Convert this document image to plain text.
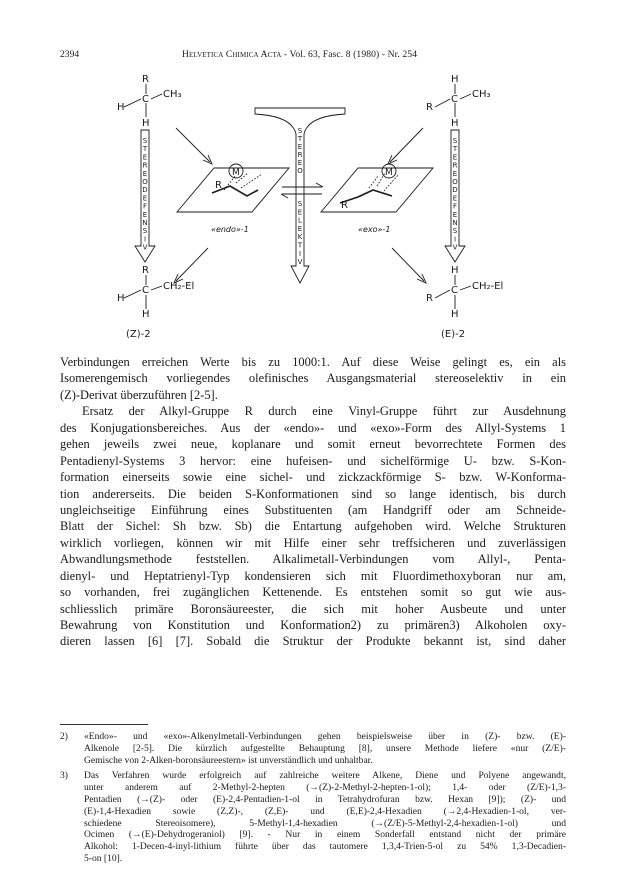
2394	Helvetica Chimica Acta - Vol. 63, Fasc. 8 (1980) - Nr. 254
R
H
C CH₃
H
H
R
C CH₃
H
R
H
C CH₂-El
H
H
R
C CH₂-El
H
S T E R E O D E F E N S I V
S T E R E O D E F E N S I V
S T E R E O
S E L E K T I V
M	M
R
R
«endo»-1	«exo»-1
(Z)-2	(E)-2

Verbindungen erreichen Werte bis zu 1000:1. Auf diese Weise gelingt es, ein als
Isomerengemisch vorliegendes olefinisches Ausgangsmaterial stereoselektiv in ein
(Z)-Derivat überzuführen [2-5].

Ersatz der Alkyl-Gruppe R durch eine Vinyl-Gruppe führt zur Ausdehnung
des Konjugationsbereiches. Aus der «endo»- und «exo»-Form des Allyl-Systems 1
gehen jeweils zwei neue, koplanare und somit erneut bevorrechtete Formen des
Pentadienyl-Systems 3 hervor: eine hufeisen- und sichelförmige U- bzw. S-Kon-
formation einerseits sowie eine sichel- und zickzackförmige S- bzw. W-Konforma-
tion andererseits. Die beiden S-Konformationen sind so lange identisch, bis durch
ungleichseitige Einführung eines Substituenten (am Handgriff oder am Schneide-
Blatt der Sichel: Sh bzw. Sb) die Entartung aufgehoben wird. Welche Strukturen
wirklich vorliegen, können wir mit Hilfe einer sehr treffsicheren und zuverlässigen
Abwandlungsmethode feststellen. Alkalimetall-Verbindungen vom Allyl-, Penta-
dienyl- und Heptatrienyl-Typ kondensieren sich mit Fluordimethoxyboran nur am,
so vorhanden, frei zugänglichen Kettenende. Es entstehen somit so gut wie aus-
schliesslich primäre Boronsäureester, die sich mit hoher Ausbeute und unter
Bewahrung von Konstitution und Konformation2) zu primären3) Alkoholen oxy-
dieren lassen [6] [7]. Sobald die Struktur der Produkte bekannt ist, sind daher

2) «Endo»- und «exo»-Alkenylmetall-Verbindungen gehen beispielsweise über in (Z)- bzw. (E)-
Alkenole [2-5]. Die kürzlich aufgestellte Behauptung [8], unsere Methode liefere «nur (Z/E)-
Gemische von 2-Alken-boronsäureestern» ist unverständlich und unhaltbar.
3) Das Verfahren wurde erfolgreich auf zahlreiche weitere Alkene, Diene und Polyene angewandt,
unter anderem auf 2-Methyl-2-hepten (→(Z)-2-Methyl-2-hepten-1-ol); 1,4- oder (Z/E)-1,3-
Pentadien (→(Z)- oder (E)-2,4-Pentadien-1-ol in Tetrahydrofuran bzw. Hexan [9]); (Z)- und
(E)-1,4-Hexadien sowie (Z,Z)-, (Z,E)- und (E,E)-2,4-Hexadien (→2,4-Hexadien-1-ol, ver-
schiedene Stereoisomere), 5-Methyl-1,4-hexadien (→(Z/E)-5-Methyl-2,4-hexadien-1-ol) und
Ocimen (→(E)-Dehydrogeraniol) [9]. - Nur in einem Sonderfall entstand nicht der primäre
Alkohol: 1-Decen-4-inyl-lithium führte über das tautomere 1,3,4-Trien-5-ol zu 54% 1,3-Decadien-
5-on [10].
